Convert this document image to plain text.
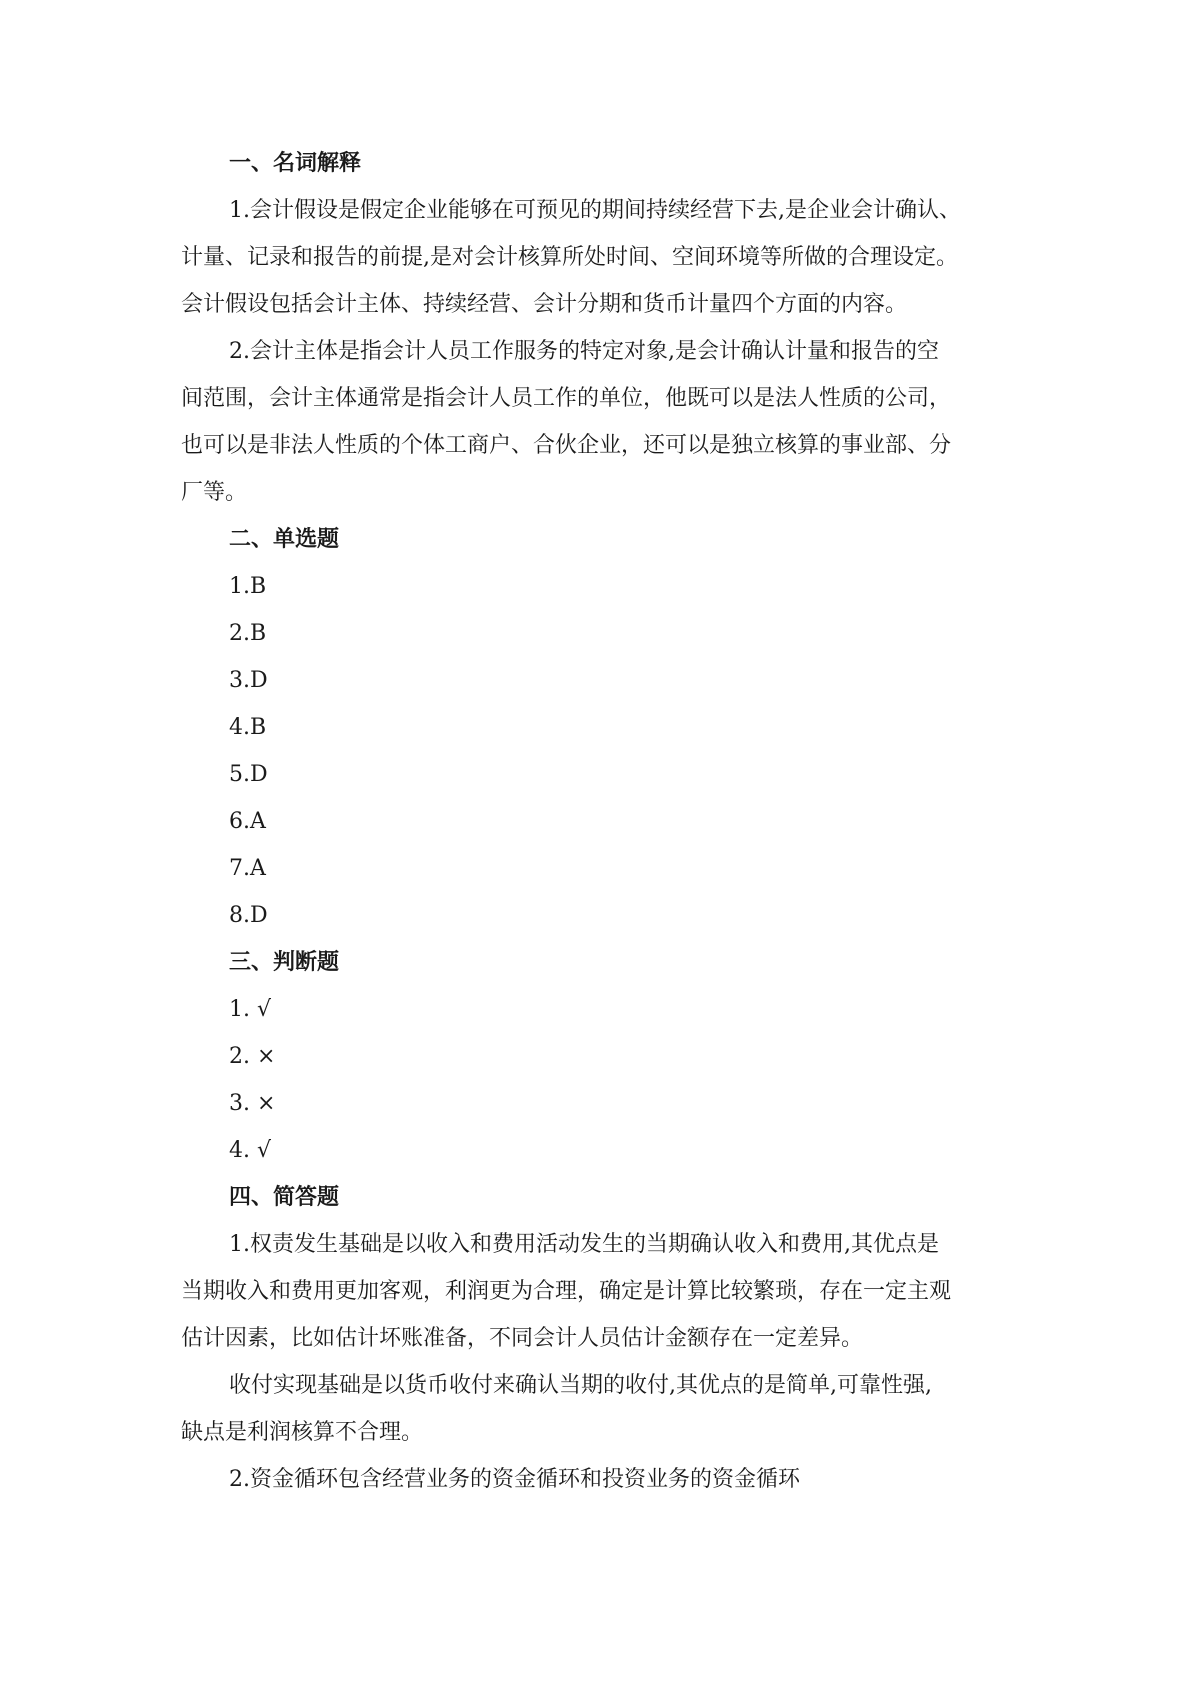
一、名词解释

1.会计假设是假定企业能够在可预见的期间持续经营下去,是企业会计确认、
计量、记录和报告的前提,是对会计核算所处时间、空间环境等所做的合理设定。
会计假设包括会计主体、持续经营、会计分期和货币计量四个方面的内容。

2.会计主体是指会计人员工作服务的特定对象,是会计确认计量和报告的空
间范围，会计主体通常是指会计人员工作的单位，他既可以是法人性质的公司，
也可以是非法人性质的个体工商户、合伙企业，还可以是独立核算的事业部、分
厂等。

二、单选题
1.B
2.B
3.D
4.B
5.D
6.A
7.A
8.D
三、判断题
1. √
2. ×
3. ×
4. √
四、简答题

1.权责发生基础是以收入和费用活动发生的当期确认收入和费用,其优点是
当期收入和费用更加客观，利润更为合理，确定是计算比较繁琐，存在一定主观
估计因素，比如估计坏账准备，不同会计人员估计金额存在一定差异。

收付实现基础是以货币收付来确认当期的收付,其优点的是简单,可靠性强,
缺点是利润核算不合理。

2.资金循环包含经营业务的资金循环和投资业务的资金循环
